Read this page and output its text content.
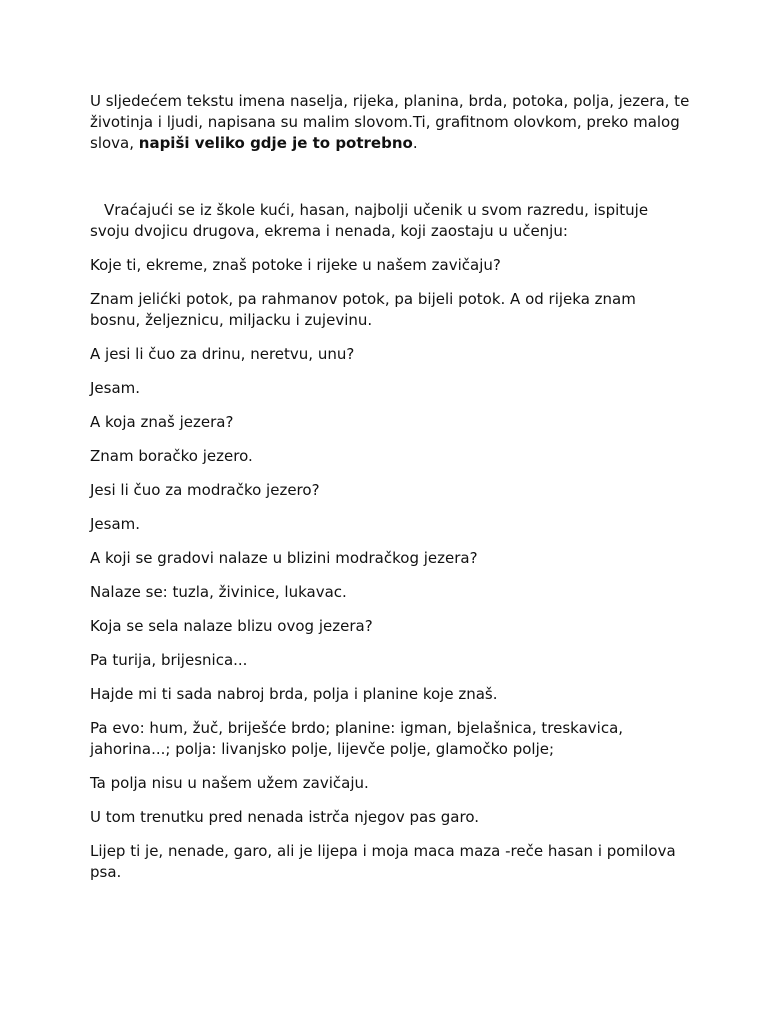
U sljedećem tekstu imena naselja, rijeka, planina, brda, potoka, polja, jezera, te životinja i ljudi, napisana su malim slovom.Ti, grafitnom olovkom, preko malog slova, napiši veliko gdje je to potrebno.

Vraćajući se iz škole kući, hasan, najbolji učenik u svom razredu, ispituje svoju dvojicu drugova, ekrema i nenada, koji zaostaju u učenju:

Koje ti, ekreme, znaš potoke i rijeke u našem zavičaju?

Znam jelićki potok, pa rahmanov potok, pa bijeli potok. A od rijeka znam bosnu, željeznicu, miljacku i zujevinu.

A jesi li čuo za drinu, neretvu, unu?

Jesam.

A koja znaš jezera?

Znam boračko jezero.

Jesi li čuo za modračko jezero?

Jesam.

A koji se gradovi nalaze u blizini modračkog jezera?

Nalaze se: tuzla, živinice, lukavac.

Koja se sela nalaze blizu ovog jezera?

Pa turija, brijesnica...

Hajde mi ti sada nabroj brda, polja i planine koje znaš.

Pa evo: hum, žuč, briješće brdo; planine: igman, bjelašnica, treskavica, jahorina...; polja: livanjsko polje, lijevče polje, glamočko polje;

Ta polja nisu u našem užem zavičaju.

U tom trenutku pred nenada istrča njegov pas garo.

Lijep ti je, nenade, garo, ali je lijepa i moja maca maza -reče hasan i pomilova psa.
